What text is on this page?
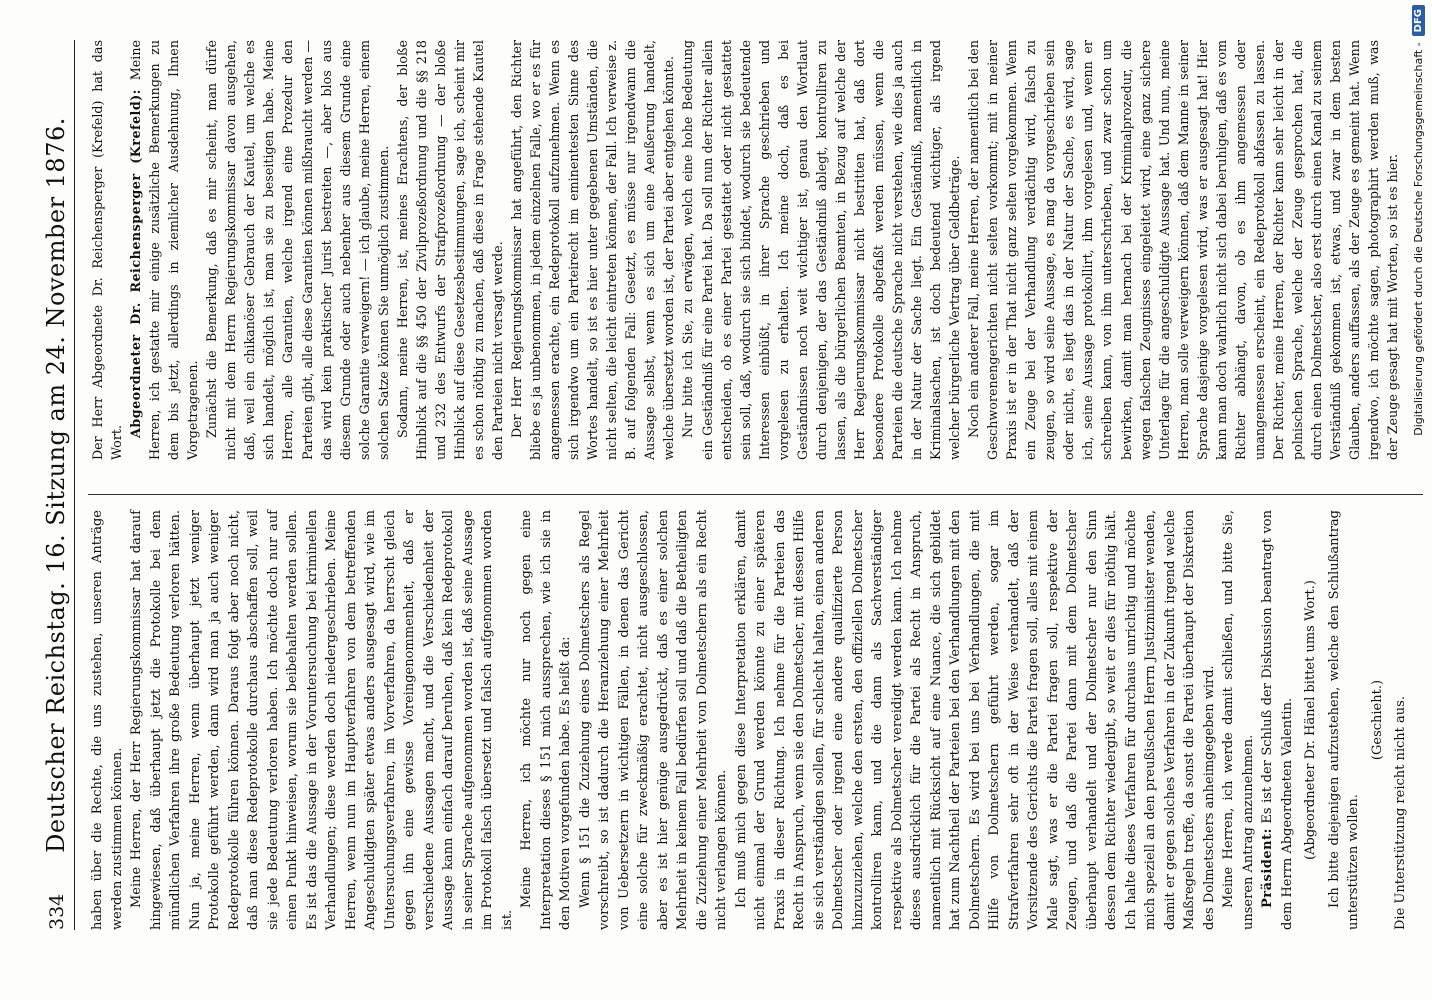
334
Deutscher Reichstag. 16. Sitzung am 24. November 1876. haben über die Rechte, die uns zustehen, unseren Anträge werden zustimmen können. Meine Herren, der Herr Regierungskommissar hat darauf hingewiesen, daß überhaupt jetzt die Protokolle bei dem mündlichen Verfahren ihre große Bedeutung verloren hätten. Nun ja, meine Herren, wenn überhaupt jetzt weniger Protokolle geführt werden, dann wird man ja auch weniger Redeprotokolle führen können. Daraus folgt aber noch nicht, daß man diese Redeprotokolle durchaus abschaffen soll, weil sie jede Bedeutung verloren haben. Ich möchte doch nur auf einen Punkt hinweisen, worum sie beibehalten werden sollen. Es ist das die Aussage in der Voruntersuchung bei kriminellen Verhandlungen; diese werden doch niedergeschrieben. Meine Herren, wenn nun im Hauptverfahren von dem betreffenden Angeschuldigten später etwas anders ausgesagt wird, wie im Untersuchungsverfahren, im Vorverfahren, da herrscht gleich gegen ihn eine gewisse Voreingenommenheit, daß er verschiedene Aussagen macht, und die Verschiedenheit der Aussage kann einfach darauf beruhen, daß kein Redeprotokoll in seiner Sprache aufgenommen worden ist, daß seine Aussage im Protokoll falsch übersetzt und falsch aufgenommen worden ist.

Meine Herren, ich möchte nur noch gegen eine Interpretation dieses § 151 mich aussprechen, wie ich sie in den Motiven vorgefunden habe. Es heißt da: Wenn § 151 die Zuziehung eines Dolmetschers als Regel vorschreibt, so ist dadurch die Heranziehung einer Mehrheit von Uebersetzern in wichtigen Fällen, in denen das Gericht eine solche für zweckmäßig erachtet, nicht ausgeschlossen, aber es ist hier genüge ausgedrückt, daß es einer solchen Mehrheit in keinem Fall bedürfen soll und daß die Betheiligten die Zuziehung einer Mehrheit von Dolmetschern als ein Recht nicht verlangen können. Ich muß mich gegen diese Interpretation erklären, damit nicht einmal der Grund werden könnte zu einer späteren Praxis in dieser Richtung. Ich nehme für die Parteien das Recht in Anspruch, wenn sie den Dolmetscher, mit dessen Hilfe sie sich verständigen sollen, für schlecht halten, einen anderen Dolmetscher oder irgend eine andere qualifizierte Person hinzuzuziehen, welche den ersten, den offiziellen Dolmetscher kontrolliren kann, und die dann als Sachverständiger respektive als Dolmetscher vereidigt werden kann. Ich nehme dieses ausdrücklich für die Partei als Recht in Anspruch, namentlich mit Rücksicht auf eine Nuance, die sich gebildet hat zum Nachtheil der Parteien bei den Verhandlungen mit den Dolmetschern. Es wird bei uns bei Verhandlungen, die mit Hilfe von Dolmetschern geführt werden, sogar im Strafverfahren sehr oft in der Weise verhandelt, daß der Vorsitzende des Gerichts die Partei fragen soll, alles mit einem Male sagt, was er die Partei fragen soll, respektive der Zeugen, und daß die Partei dann mit dem Dolmetscher überhaupt verhandelt und der Dolmetscher nur den Sinn dessen dem Richter wiedergibt, so weit er dies für nöthig hält. Ich halte dieses Verfahren für durchaus unrichtig und möchte mich speziell an den preußischen Herrn Justizminister wenden, damit er gegen solches Verfahren in der Zukunft irgend welche Maßregeln treffe, da sonst die Partei überhaupt der Diskretion des Dolmetschers anheimgegeben wird. Meine Herren, ich werde damit schließen, und bitte Sie, unseren Antrag anzunehmen. Präsident: Es ist der Schluß der Diskussion beantragt von dem Herrn Abgeordneten Valentin. (Abgeordneter Dr. Hänel bittet ums Wort.) Ich bitte diejenigen aufzustehen, welche den Schlußantrag unterstützen wollen.

(Geschieht.) Die Unterstützung reicht nicht aus.

Der Herr Abgeordnete Dr. Reichensperger (Krefeld) hat das Wort.

Abgeordneter Dr. Reichensperger (Krefeld): Meine Herren, ich gestatte mir einige zusätzliche Bemerkungen zu dem bis jetzt, allerdings in ziemlicher Ausdehnung, Ihnen Vorgetragenen. Zunächst die Bemerkung, daß es mir scheint, man dürfe nicht mit dem Herrn Regierungskommissar davon ausgehen, daß, weil ein chikanöser Gebrauch der Kautel, um welche es sich handelt, möglich ist, man sie zu beseitigen habe. Meine Herren, alle Garantien, welche irgend eine Prozedur den Parteien gibt, alle diese Garantien können mißbraucht werden — das wird kein praktischer Jurist bestreiten —, aber blos aus diesem Grunde oder auch nebenher aus diesem Grunde eine solche Garantie verweigern! — ich glaube, meine Herren, einem solchen Satze können Sie unmöglich zustimmen. Sodann, meine Herren, ist, meines Erachtens, der bloße Hinblick auf die §§ 450 der Zivilprozeßordnung und die §§ 218 und 232 des Entwurfs der Strafprozeßordnung — der bloße Hinblick auf diese Gesetzesbestimmungen, sage ich, scheint mir es schon nöthig zu machen, daß diese in Frage stehende Kautel den Parteien nicht versagt werde. Der Herr Regierungskommissar hat angeführt, den Richter bliebe es ja unbenommen, in jedem einzelnen Falle, wo er es für angemessen erachte, ein Redeprotokoll aufzunehmen. Wenn es sich irgendwo um ein Parteirecht im eminentesten Sinne des Wortes handelt, so ist es hier unter gegebenen Umständen, die nicht selten, die leicht eintreten können, der Fall. Ich verweise z. B. auf folgenden Fall: Gesetzt, es müsse nur irgendwann die Aussage selbst, wenn es sich um eine Aeußerung handelt, welche übersetzt worden ist, der Partei aber entgehen könnte. Nur bitte ich Sie, zu erwägen, welch eine hohe Bedeutung ein Geständniß für eine Partei hat. Da soll nun der Richter allein entscheiden, ob es einer Partei gestattet oder nicht gestattet sein soll, daß, wodurch sie sich bindet, wodurch sie bedeutende Interessen einbüßt, in ihrer Sprache geschrieben und vorgelesen zu erhalten. Ich meine doch, daß es bei Geständnissen noch weit wichtiger ist, genau den Wortlaut durch denjenigen, der das Geständniß ablegt, kontrolliren zu lassen, als die bürgerlichen Beamten, in Bezug auf welche der Herr Regierungskommissar nicht bestritten hat, daß dort besondere Protokolle abgefaßt werden müssen, wenn die Parteien die deutsche Sprache nicht verstehen, wie dies ja auch in der Natur der Sache liegt. Ein Geständniß, namentlich in Kriminalsachen, ist doch bedeutend wichtiger, als irgend welcher bürgerliche Vertrag über Geldbeträge. Noch ein anderer Fall, meine Herren, der namentlich bei den Geschworenengerichten nicht selten vorkommt; mit in meiner Praxis ist er in der That nicht ganz selten vorgekommen. Wenn ein Zeuge bei der Verhandlung verdächtig wird, falsch zu zeugen, so wird seine Aussage, es mag da vorgeschrieben sein oder nicht, es liegt das in der Natur der Sache, es wird, sage ich, seine Aussage protokollirt, ihm vorgelesen und, wenn er schreiben kann, von ihm unterschrieben, und zwar schon um bewirken, damit man hernach bei der Kriminalprozedur, die wegen falschen Zeugnisses eingeleitet wird, eine ganz sichere Unterlage für die angeschuldigte Aussage hat. Und nun, meine Herren, man solle verweigern können, daß dem Manne in seiner Sprache dasjenige vorgelesen wird, was er ausgesagt hat! Hier kann man doch wahrlich nicht sich dabei beruhigen, daß es vom Richter abhängt, davon, ob es ihm angemessen oder unangemessen erscheint, ein Redeprotokoll abfassen zu lassen. Der Richter, meine Herren, der Richter kann sehr leicht in der polnischen Sprache, welche der Zeuge gesprochen hat, die durch einen Dolmetscher, also erst durch einen Kanal zu seinem Verständniß gekommen ist, etwas, und zwar in dem besten Glauben, anders auffassen, als der Zeuge es gemeint hat. Wenn irgendwo, ich möchte sagen, photographirt werden muß, was der Zeuge gesagt hat mit Worten, so ist es hier. Digitalisierung gefördert durch die Deutsche Forschungsgemeinschaft -
DFG
